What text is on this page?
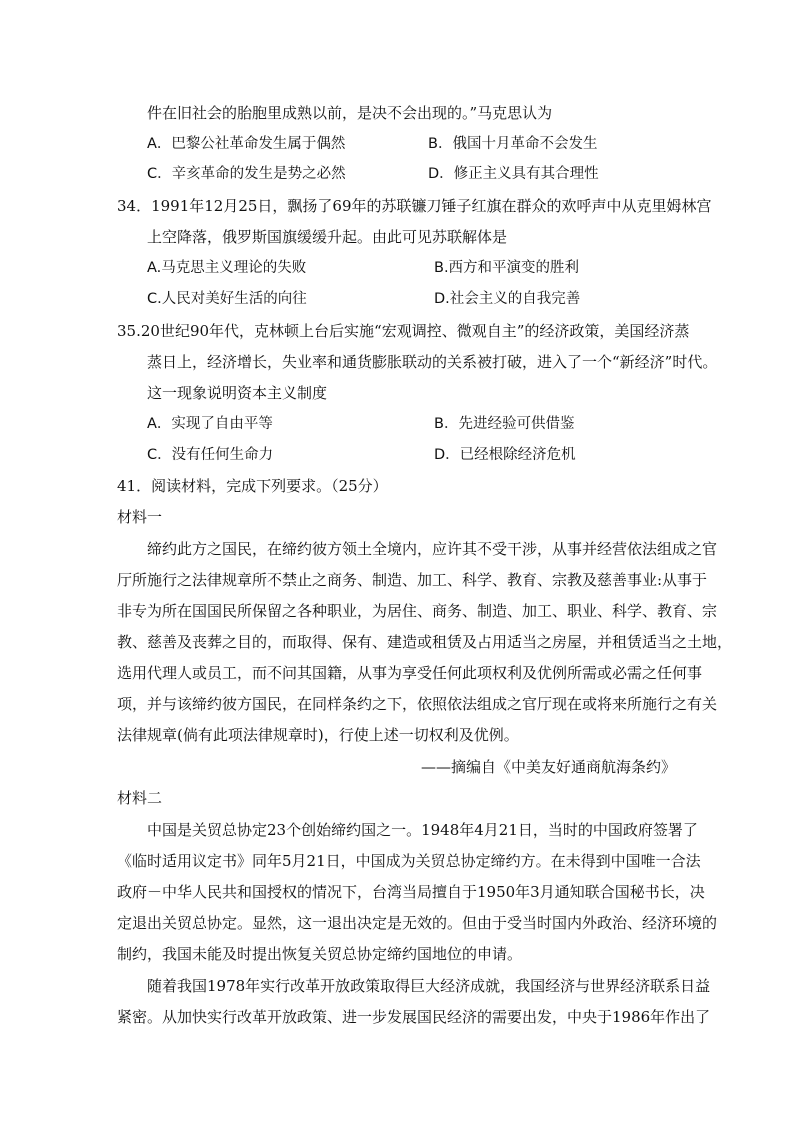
件在旧社会的胎胞里成熟以前，是决不会出现的。”马克思认为
A．巴黎公社革命发生属于偶然	B．俄国十月革命不会发生
C．辛亥革命的发生是势之必然	D．修正主义具有其合理性
34．1991年12月25日，飘扬了69年的苏联镰刀锤子红旗在群众的欢呼声中从克里姆林宫
上空降落，俄罗斯国旗缓缓升起。由此可见苏联解体是
A.马克思主义理论的失败	B.西方和平演变的胜利
C.人民对美好生活的向往	D.社会主义的自我完善
35.20世纪90年代，克林顿上台后实施“宏观调控、微观自主”的经济政策，美国经济蒸
蒸日上，经济增长，失业率和通货膨胀联动的关系被打破，进入了一个“新经济”时代。
这一现象说明资本主义制度
A．实现了自由平等	B．先进经验可供借鉴
C．没有任何生命力	D．已经根除经济危机
41．阅读材料，完成下列要求。（25分）
材料一
缔约此方之国民，在缔约彼方领土全境内，应许其不受干涉，从事并经营依法组成之官
厅所施行之法律规章所不禁止之商务、制造、加工、科学、教育、宗教及慈善事业:从事于
非专为所在国国民所保留之各种职业，为居住、商务、制造、加工、职业、科学、教育、宗
教、慈善及丧葬之目的，而取得、保有、建造或租赁及占用适当之房屋，并租赁适当之土地，
选用代理人或员工，而不问其国籍，从事为享受任何此项权利及优例所需或必需之任何事
项，并与该缔约彼方国民，在同样条约之下，依照依法组成之官厅现在或将来所施行之有关
法律规章(倘有此项法律规章时)，行使上述一切权利及优例。
——摘编自《中美友好通商航海条约》
材料二
中国是关贸总协定23个创始缔约国之一。1948年4月21日，当时的中国政府签署了
《临时适用议定书》同年5月21日，中国成为关贸总协定缔约方。在未得到中国唯一合法
政府－中华人民共和国授权的情况下，台湾当局擅自于1950年3月通知联合国秘书长，决
定退出关贸总协定。显然，这一退出决定是无效的。但由于受当时国内外政治、经济环境的
制约，我国未能及时提出恢复关贸总协定缔约国地位的申请。
随着我国1978年实行改革开放政策取得巨大经济成就，我国经济与世界经济联系日益
紧密。从加快实行改革开放政策、进一步发展国民经济的需要出发，中央于1986年作出了
